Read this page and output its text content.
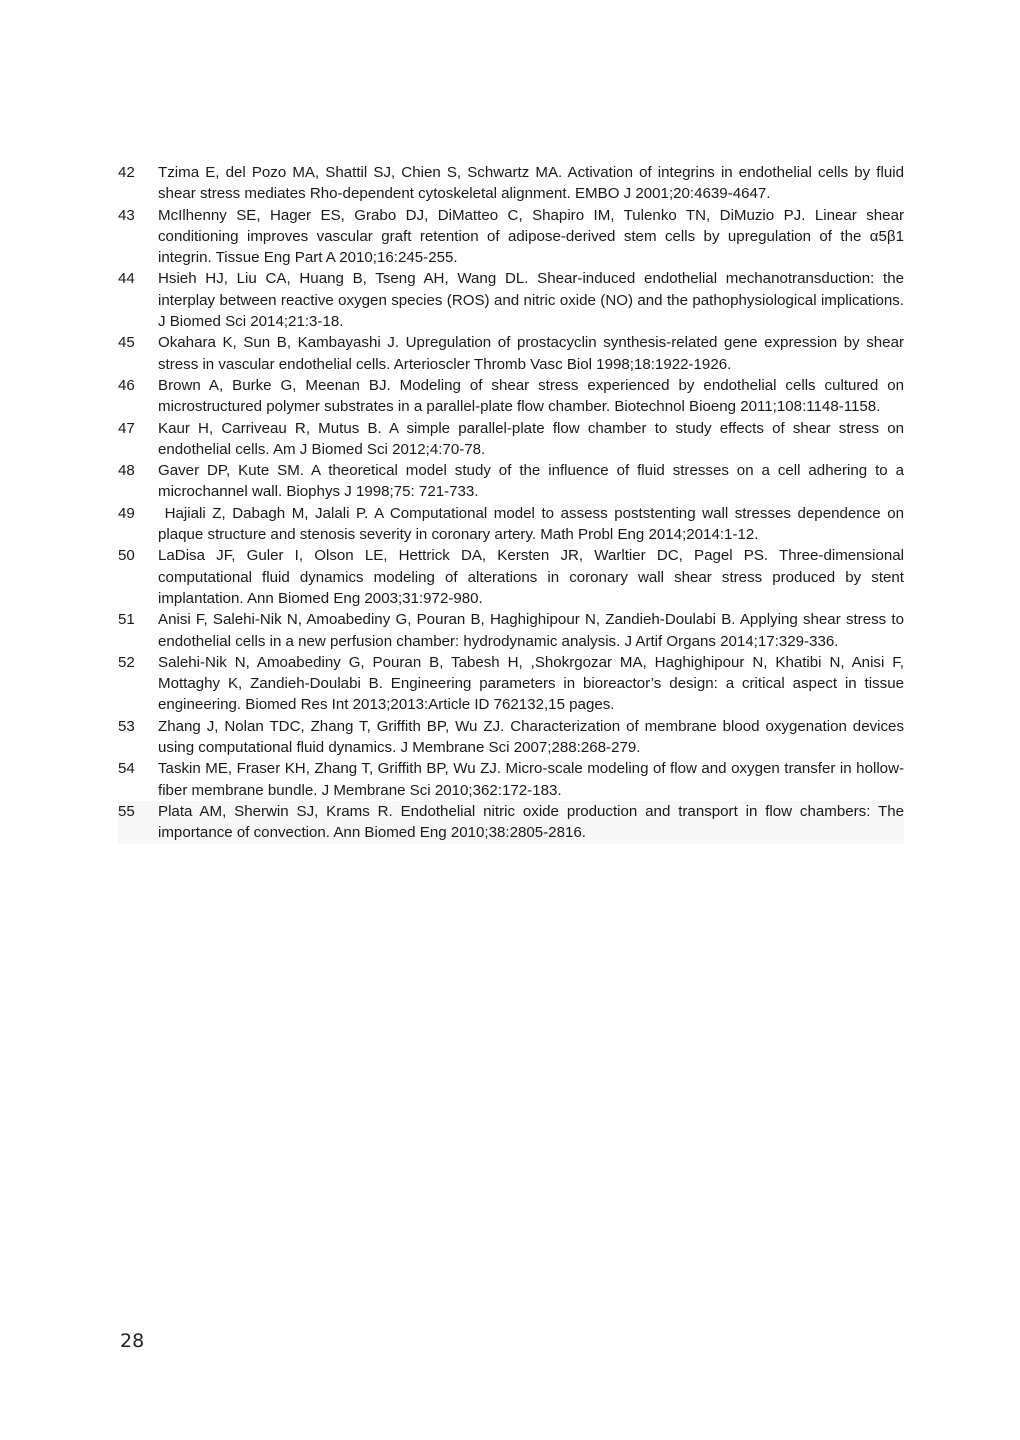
42	Tzima E, del Pozo MA, Shattil SJ, Chien S, Schwartz MA. Activation of integrins in endothelial cells by fluid shear stress mediates Rho-dependent cytoskeletal alignment. EMBO J 2001;20:4639-4647.
43	McIlhenny SE, Hager ES, Grabo DJ, DiMatteo C, Shapiro IM, Tulenko TN, DiMuzio PJ. Linear shear conditioning improves vascular graft retention of adipose-derived stem cells by upregulation of the α5β1 integrin. Tissue Eng Part A 2010;16:245-255.
44	Hsieh HJ, Liu CA, Huang B, Tseng AH, Wang DL. Shear-induced endothelial mechanotransduction: the interplay between reactive oxygen species (ROS) and nitric oxide (NO) and the pathophysiological implications. J Biomed Sci 2014;21:3-18.
45	Okahara K, Sun B, Kambayashi J. Upregulation of prostacyclin synthesis-related gene expression by shear stress in vascular endothelial cells. Arterioscler Thromb Vasc Biol 1998;18:1922-1926.
46	Brown A, Burke G, Meenan BJ. Modeling of shear stress experienced by endothelial cells cultured on microstructured polymer substrates in a parallel-plate flow chamber. Biotechnol Bioeng 2011;108:1148-1158.
47	Kaur H, Carriveau R, Mutus B. A simple parallel-plate flow chamber to study effects of shear stress on endothelial cells. Am J Biomed Sci 2012;4:70-78.
48	Gaver DP, Kute SM. A theoretical model study of the influence of fluid stresses on a cell adhering to a microchannel wall. Biophys J 1998;75: 721-733.
49	Hajiali Z, Dabagh M, Jalali P. A Computational model to assess poststenting wall stresses dependence on plaque structure and stenosis severity in coronary artery. Math Probl Eng 2014;2014:1-12.
50	LaDisa JF, Guler I, Olson LE, Hettrick DA, Kersten JR, Warltier DC, Pagel PS. Three-dimensional computational fluid dynamics modeling of alterations in coronary wall shear stress produced by stent implantation. Ann Biomed Eng 2003;31:972-980.
51	Anisi F, Salehi-Nik N, Amoabediny G, Pouran B, Haghighipour N, Zandieh-Doulabi B. Applying shear stress to endothelial cells in a new perfusion chamber: hydrodynamic analysis. J Artif Organs 2014;17:329-336.
52	Salehi-Nik N, Amoabediny G, Pouran B, Tabesh H, ,Shokrgozar MA, Haghighipour N, Khatibi N, Anisi F, Mottaghy K, Zandieh-Doulabi B. Engineering parameters in bioreactor’s design: a critical aspect in tissue engineering. Biomed Res Int 2013;2013:Article ID 762132,15 pages.
53	Zhang J, Nolan TDC, Zhang T, Griffith BP, Wu ZJ. Characterization of membrane blood oxygenation devices using computational fluid dynamics. J Membrane Sci 2007;288:268-279.
54	Taskin ME, Fraser KH, Zhang T, Griffith BP, Wu ZJ. Micro-scale modeling of flow and oxygen transfer in hollow-fiber membrane bundle. J Membrane Sci 2010;362:172-183.
55	Plata AM, Sherwin SJ, Krams R. Endothelial nitric oxide production and transport in flow chambers: The importance of convection. Ann Biomed Eng 2010;38:2805-2816.
28
